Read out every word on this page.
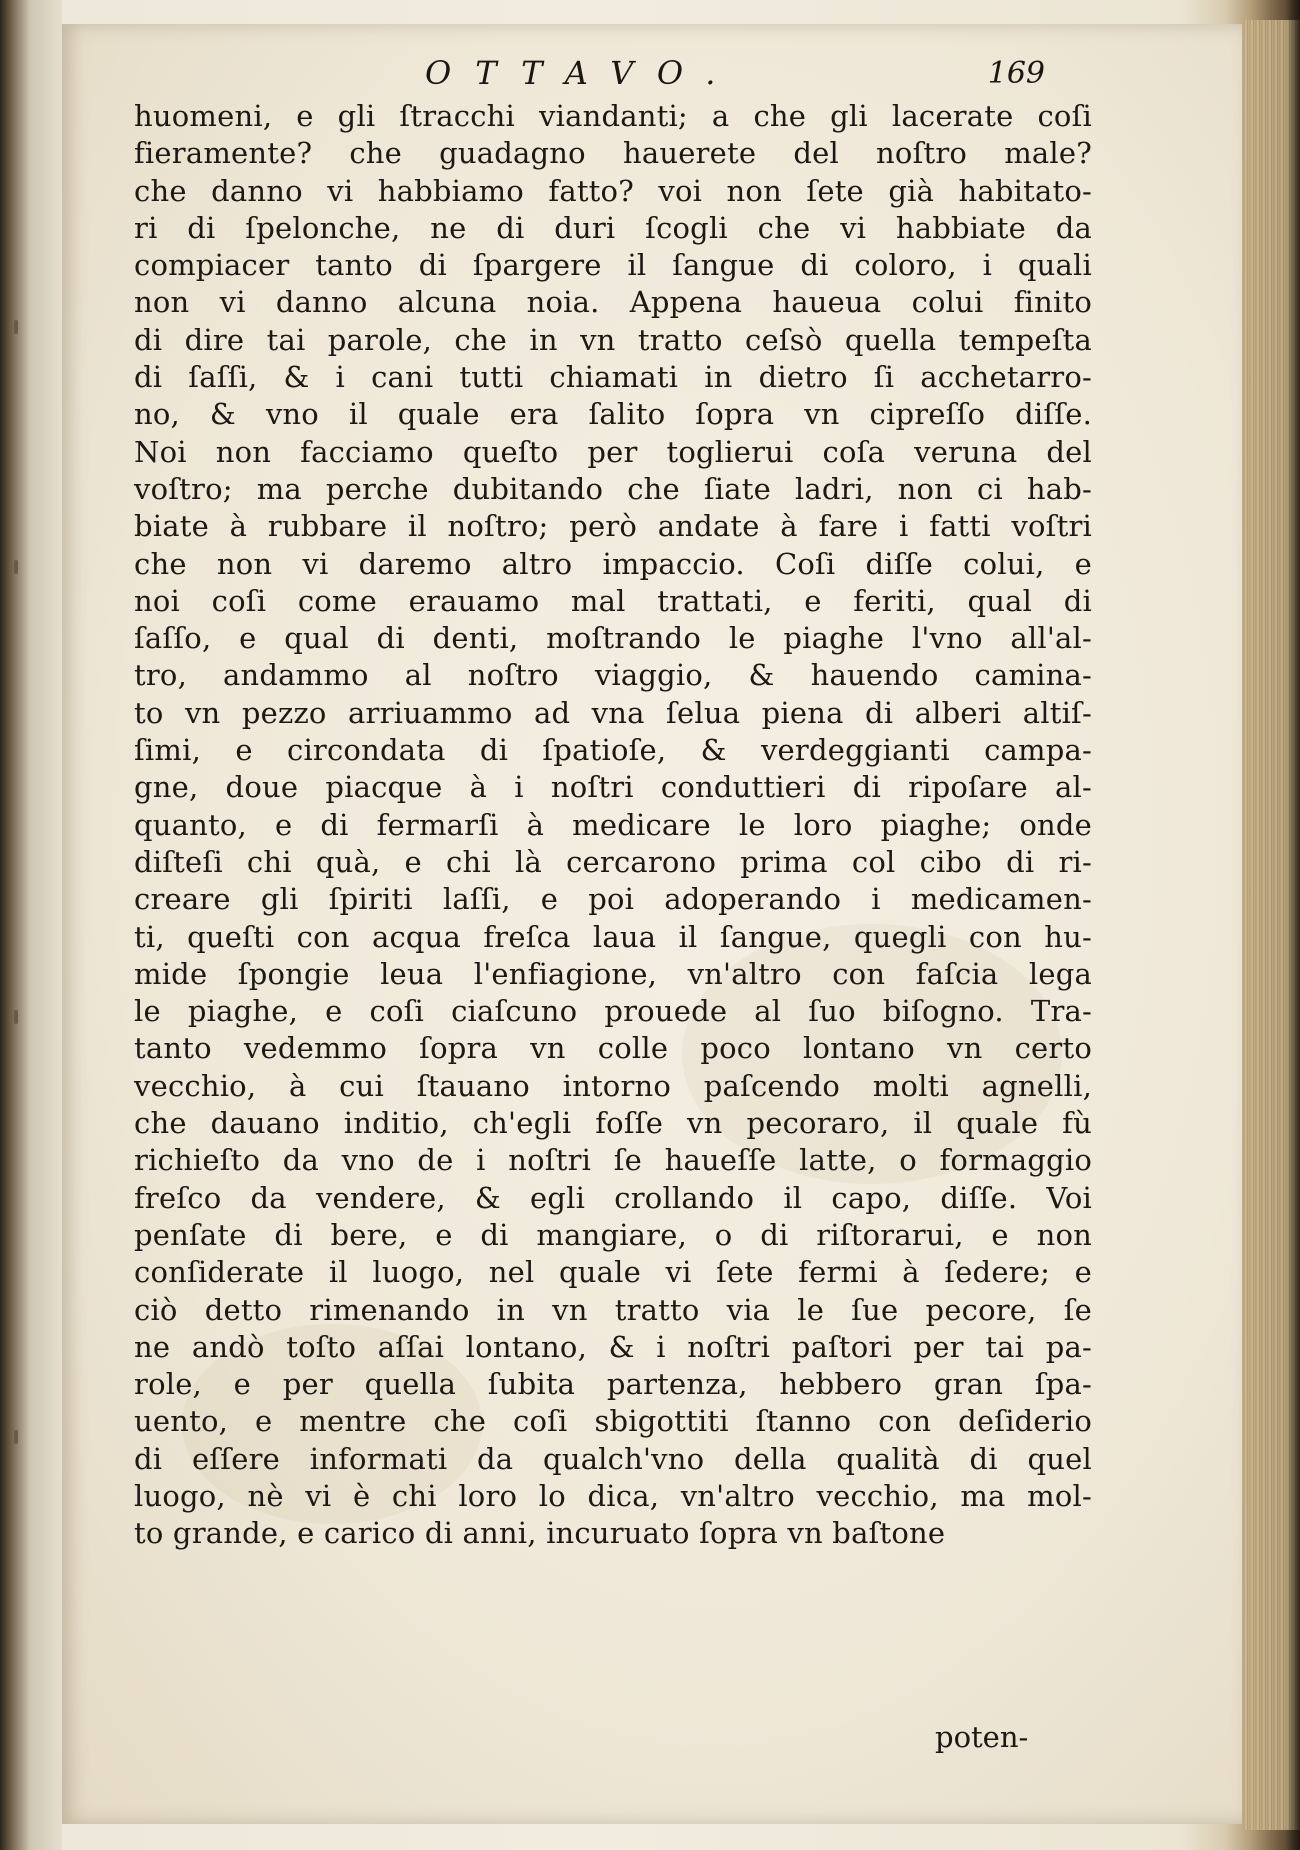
OTTAVO.	169
huomeni, e gli ſtracchi viandanti; a che gli lacerate coſi
fieramente? che guadagno hauerete del noſtro male?
che danno vi habbiamo fatto? voi non ſete già habitato-
ri di ſpelonche, ne di duri ſcogli che vi habbiate da
compiacer tanto di ſpargere il ſangue di coloro, i quali
non vi danno alcuna noia. Appena haueua colui finito
di dire tai parole, che in vn tratto ceſsò quella tempeſta
di ſaſſi, & i cani tutti chiamati in dietro ſi acchetarro-
no, & vno il quale era ſalito ſopra vn cipreſſo diſſe.
Noi non facciamo queſto per toglierui coſa veruna del
voſtro; ma perche dubitando che ſiate ladri, non ci hab-
biate à rubbare il noſtro; però andate à fare i fatti voſtri
che non vi daremo altro impaccio. Coſi diſſe colui, e
noi coſi come erauamo mal trattati, e feriti, qual di
ſaſſo, e qual di denti, moſtrando le piaghe l'vno all'al-
tro, andammo al noſtro viaggio, & hauendo camina-
to vn pezzo arriuammo ad vna ſelua piena di alberi altiſ-
ſimi, e circondata di ſpatioſe, & verdeggianti campa-
gne, doue piacque à i noſtri conduttieri di ripoſare al-
quanto, e di fermarſi à medicare le loro piaghe; onde
diſteſi chi quà, e chi là cercarono prima col cibo di ri-
creare gli ſpiriti laſſi, e poi adoperando i medicamen-
ti, queſti con acqua freſca laua il ſangue, quegli con hu-
mide ſpongie leua l'enfiagione, vn'altro con faſcia lega
le piaghe, e coſi ciaſcuno prouede al ſuo biſogno. Tra-
tanto vedemmo ſopra vn colle poco lontano vn certo
vecchio, à cui ſtauano intorno paſcendo molti agnelli,
che dauano inditio, ch'egli foſſe vn pecoraro, il quale fù
richieſto da vno de i noſtri ſe haueſſe latte, o formaggio
freſco da vendere, & egli crollando il capo, diſſe. Voi
penſate di bere, e di mangiare, o di riſtorarui, e non
conſiderate il luogo, nel quale vi ſete fermi à ſedere; e
ciò detto rimenando in vn tratto via le ſue pecore, ſe
ne andò toſto aſſai lontano, & i noſtri paſtori per tai pa-
role, e per quella ſubita partenza, hebbero gran ſpa-
uento, e mentre che coſi sbigottiti ſtanno con deſiderio
di eſſere informati da qualch'vno della qualità di quel
luogo, nè vi è chi loro lo dica, vn'altro vecchio, ma mol-
to grande, e carico di anni, incuruato ſopra vn baſtone
poten-
